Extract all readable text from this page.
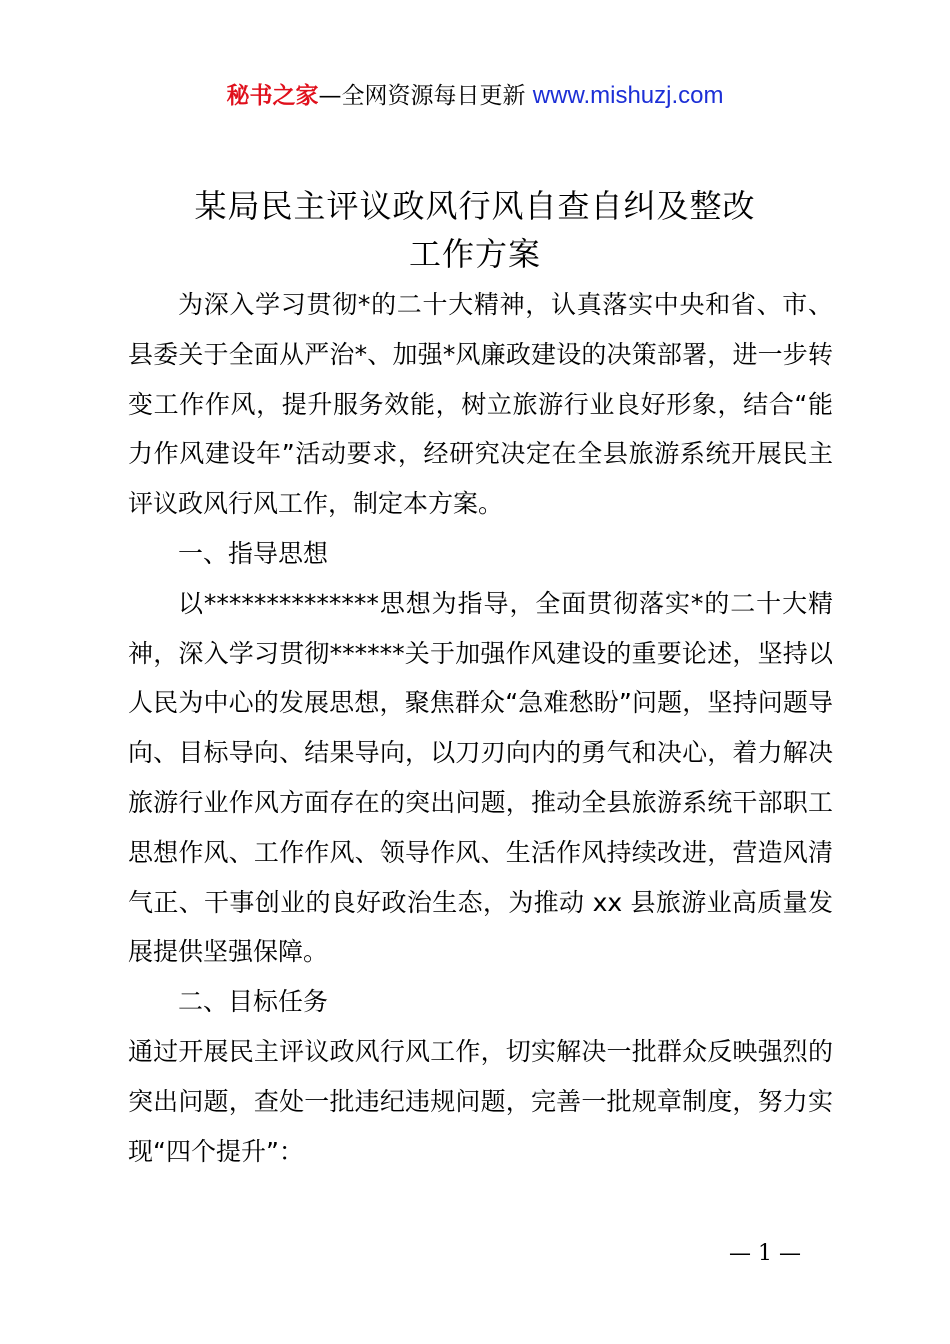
秘书之家—全网资源每日更新 www.mishuzj.com
某局民主评议政风行风自查自纠及整改
工作方案

为深入学习贯彻*的二十大精神，认真落实中央和省、市、县委关于全面从严治*、加强*风廉政建设的决策部署，进一步转变工作作风，提升服务效能，树立旅游行业良好形象，结合“能力作风建设年”活动要求，经研究决定在全县旅游系统开展民主评议政风行风工作，制定本方案。

一、指导思想

以**************思想为指导，全面贯彻落实*的二十大精神，深入学习贯彻******关于加强作风建设的重要论述，坚持以人民为中心的发展思想，聚焦群众“急难愁盼”问题，坚持问题导向、目标导向、结果导向，以刀刃向内的勇气和决心，着力解决旅游行业作风方面存在的突出问题，推动全县旅游系统干部职工思想作风、工作作风、领导作风、生活作风持续改进，营造风清气正、干事创业的良好政治生态，为推动 xx 县旅游业高质量发展提供坚强保障。

二、目标任务

通过开展民主评议政风行风工作，切实解决一批群众反映强烈的突出问题，查处一批违纪违规问题，完善一批规章制度，努力实现“四个提升”：

— 1 —
